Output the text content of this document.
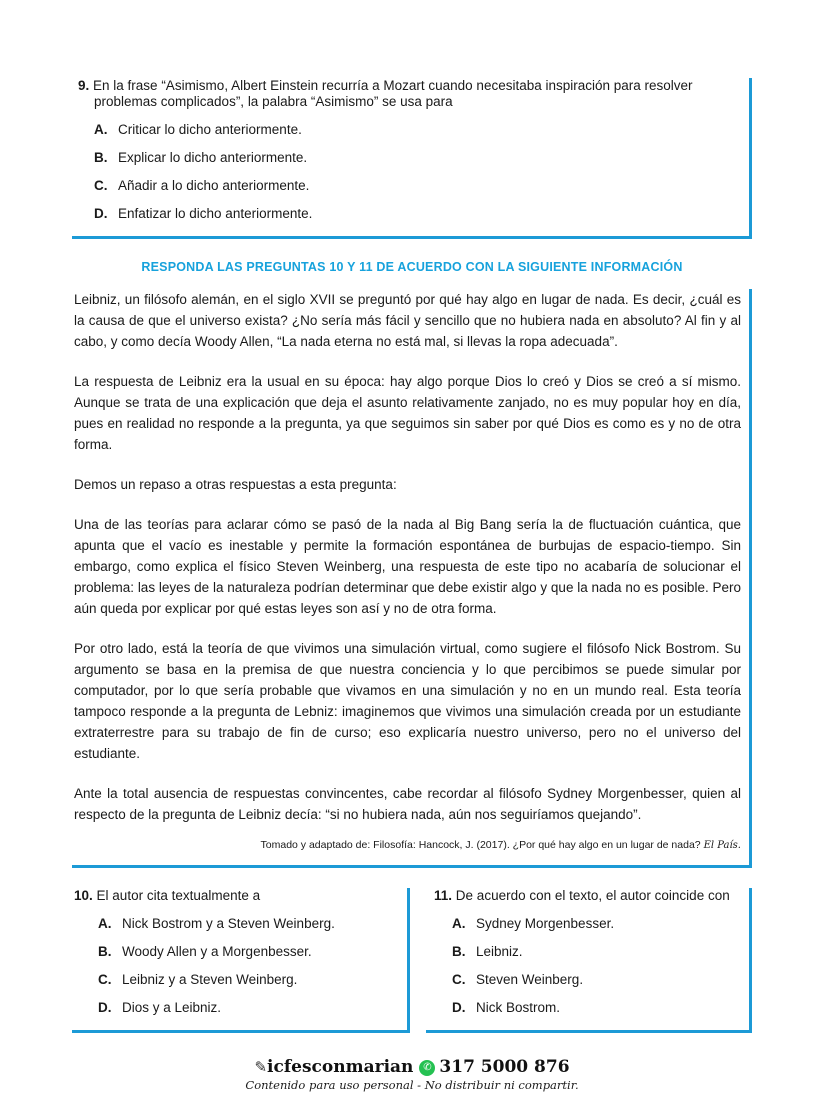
9. En la frase “Asimismo, Albert Einstein recurría a Mozart cuando necesitaba inspiración para resolver problemas complicados”, la palabra “Asimismo” se usa para
A. Criticar lo dicho anteriormente.
B. Explicar lo dicho anteriormente.
C. Añadir a lo dicho anteriormente.
D. Enfatizar lo dicho anteriormente.
RESPONDA LAS PREGUNTAS 10 Y 11 DE ACUERDO CON LA SIGUIENTE INFORMACIÓN

Leibniz, un filósofo alemán, en el siglo XVII se preguntó por qué hay algo en lugar de nada. Es decir, ¿cuál es la causa de que el universo exista? ¿No sería más fácil y sencillo que no hubiera nada en absoluto? Al fin y al cabo, y como decía Woody Allen, “La nada eterna no está mal, si llevas la ropa adecuada”.

La respuesta de Leibniz era la usual en su época: hay algo porque Dios lo creó y Dios se creó a sí mismo. Aunque se trata de una explicación que deja el asunto relativamente zanjado, no es muy popular hoy en día, pues en realidad no responde a la pregunta, ya que seguimos sin saber por qué Dios es como es y no de otra forma.

Demos un repaso a otras respuestas a esta pregunta:

Una de las teorías para aclarar cómo se pasó de la nada al Big Bang sería la de fluctuación cuántica, que apunta que el vacío es inestable y permite la formación espontánea de burbujas de espacio-tiempo. Sin embargo, como explica el físico Steven Weinberg, una respuesta de este tipo no acabaría de solucionar el problema: las leyes de la naturaleza podrían determinar que debe existir algo y que la nada no es posible. Pero aún queda por explicar por qué estas leyes son así y no de otra forma.

Por otro lado, está la teoría de que vivimos una simulación virtual, como sugiere el filósofo Nick Bostrom. Su argumento se basa en la premisa de que nuestra conciencia y lo que percibimos se puede simular por computador, por lo que sería probable que vivamos en una simulación y no en un mundo real. Esta teoría tampoco responde a la pregunta de Lebniz: imaginemos que vivimos una simulación creada por un estudiante extraterrestre para su trabajo de fin de curso; eso explicaría nuestro universo, pero no el universo del estudiante.

Ante la total ausencia de respuestas convincentes, cabe recordar al filósofo Sydney Morgenbesser, quien al respecto de la pregunta de Leibniz decía: “si no hubiera nada, aún nos seguiríamos quejando”.

Tomado y adaptado de: Filosofía: Hancock, J. (2017). ¿Por qué hay algo en un lugar de nada? El País.
10. El autor cita textualmente a
A. Nick Bostrom y a Steven Weinberg.
B. Woody Allen y a Morgenbesser.
C. Leibniz y a Steven Weinberg.
D. Dios y a Leibniz.
11. De acuerdo con el texto, el autor coincide con
A. Sydney Morgenbesser.
B. Leibniz.
C. Steven Weinberg.
D. Nick Bostrom.
✎icfesconmarian ✆ 317 5000 876
Contenido para uso personal - No distribuir ni compartir.
